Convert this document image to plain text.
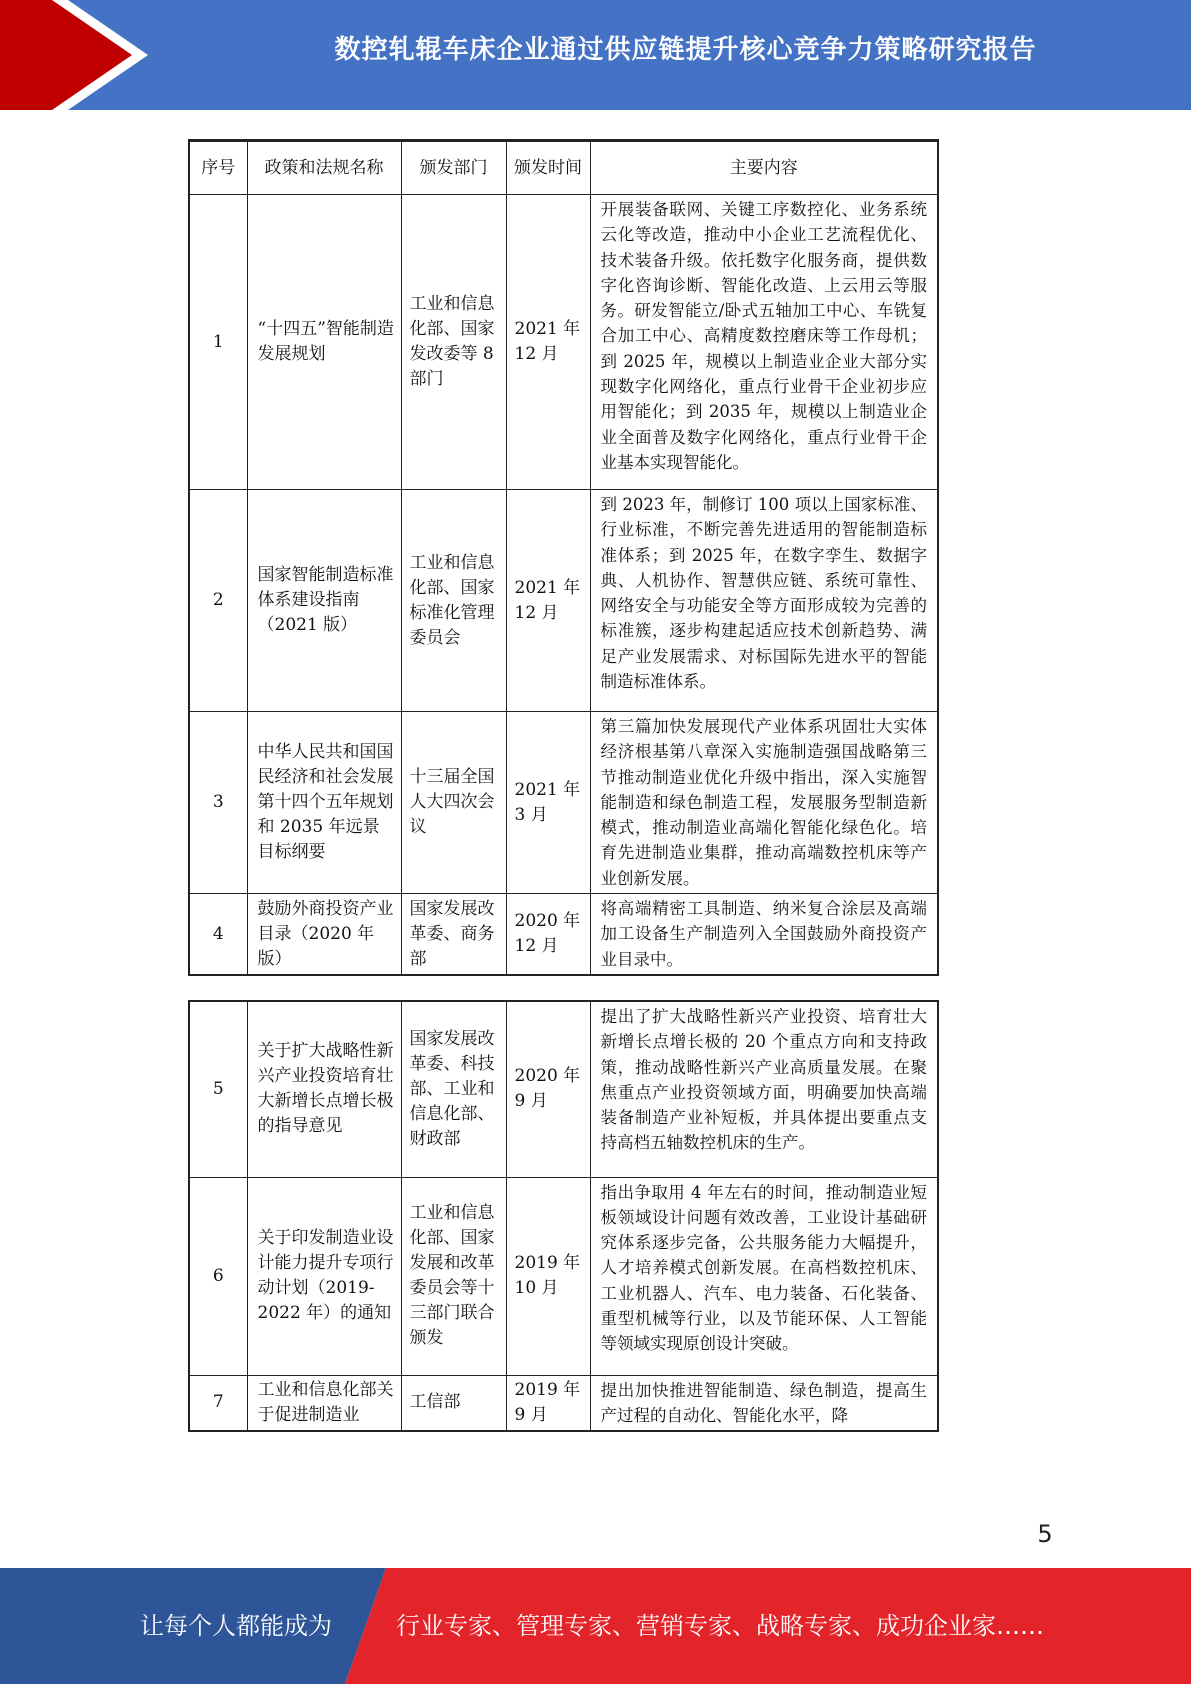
数控轧辊车床企业通过供应链提升核心竞争力策略研究报告
序号	政策和法规名称	颁发部门	颁发时间	主要内容
1	“十四五”智能制造发展规划	工业和信息化部、国家发改委等 8 部门	2021 年 12 月	开展装备联网、关键工序数控化、业务系统云化等改造，推动中小企业工艺流程优化、技术装备升级。依托数字化服务商，提供数字化咨询诊断、智能化改造、上云用云等服务。研发智能立/卧式五轴加工中心、车铣复合加工中心、高精度数控磨床等工作母机；到 2025 年，规模以上制造业企业大部分实现数字化网络化，重点行业骨干企业初步应用智能化；到 2035 年，规模以上制造业企业全面普及数字化网络化，重点行业骨干企业基本实现智能化。
2	国家智能制造标准体系建设指南（2021 版）	工业和信息化部、国家标准化管理委员会	2021 年 12 月	到 2023 年，制修订 100 项以上国家标准、行业标准，不断完善先进适用的智能制造标准体系；到 2025 年，在数字孪生、数据字典、人机协作、智慧供应链、系统可靠性、网络安全与功能安全等方面形成较为完善的标准簇，逐步构建起适应技术创新趋势、满足产业发展需求、对标国际先进水平的智能制造标准体系。
3	中华人民共和国国民经济和社会发展第十四个五年规划和 2035 年远景目标纲要	十三届全国人大四次会议	2021 年 3 月	第三篇加快发展现代产业体系巩固壮大实体经济根基第八章深入实施制造强国战略第三节推动制造业优化升级中指出，深入实施智能制造和绿色制造工程，发展服务型制造新模式，推动制造业高端化智能化绿色化。培育先进制造业集群，推动高端数控机床等产业创新发展。
4	鼓励外商投资产业目录（2020 年版）	国家发展改革委、商务部	2020 年 12 月	将高端精密工具制造、纳米复合涂层及高端加工设备生产制造列入全国鼓励外商投资产业目录中。
5	关于扩大战略性新兴产业投资培育壮大新增长点增长极的指导意见	国家发展改革委、科技部、工业和信息化部、财政部	2020 年 9 月	提出了扩大战略性新兴产业投资、培育壮大新增长点增长极的 20 个重点方向和支持政策，推动战略性新兴产业高质量发展。在聚焦重点产业投资领域方面，明确要加快高端装备制造产业补短板，并具体提出要重点支持高档五轴数控机床的生产。
6	关于印发制造业设计能力提升专项行动计划（2019-2022 年）的通知	工业和信息化部、国家发展和改革委员会等十三部门联合颁发	2019 年 10 月	指出争取用 4 年左右的时间，推动制造业短板领域设计问题有效改善，工业设计基础研究体系逐步完备，公共服务能力大幅提升，人才培养模式创新发展。在高档数控机床、工业机器人、汽车、电力装备、石化装备、重型机械等行业，以及节能环保、人工智能等领域实现原创设计突破。
7	工业和信息化部关于促进制造业	工信部	2019 年 9 月	提出加快推进智能制造、绿色制造，提高生产过程的自动化、智能化水平，降
5
让每个人都能成为	行业专家、管理专家、营销专家、战略专家、成功企业家……
